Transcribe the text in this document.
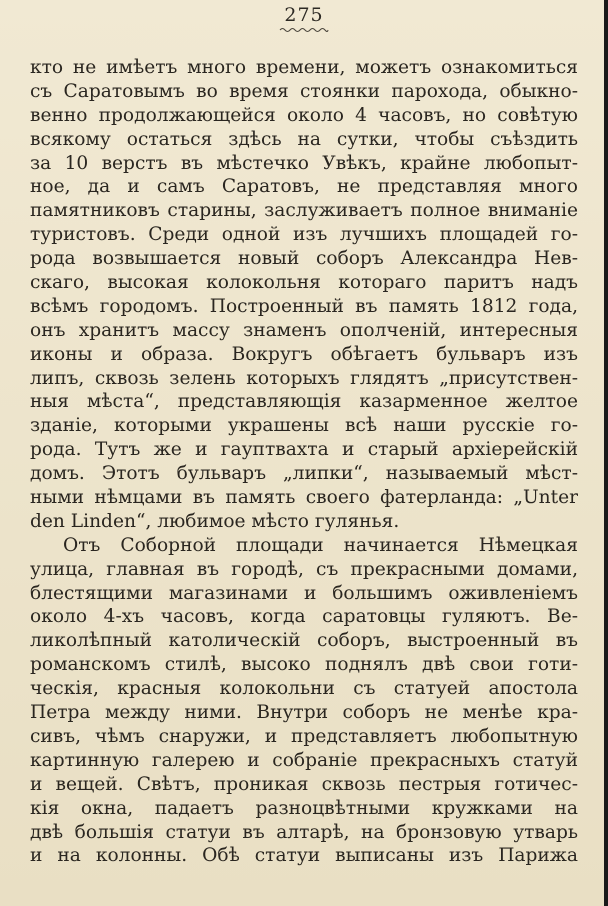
275
кто не имѣетъ много времени, можетъ ознакомиться
съ Саратовымъ во время стоянки парохода, обыкно-
венно продолжающейся около 4 часовъ, но совѣтую
всякому остаться здѣсь на сутки, чтобы съѣздить
за 10 верстъ въ мѣстечко Увѣкъ, крайне любопыт-
ное, да и самъ Саратовъ, не представляя много
памятниковъ старины, заслуживаетъ полное вниманіе
туристовъ. Среди одной изъ лучшихъ площадей го-
рода возвышается новый соборъ Александра Нев-
скаго, высокая колокольня котораго паритъ надъ
всѣмъ городомъ. Построенный въ память 1812 года,
онъ хранитъ массу знаменъ ополченій, интересныя
иконы и образа. Вокругъ обѣгаетъ бульваръ изъ
липъ, сквозь зелень которыхъ глядятъ „присутствен-
ныя мѣста“, представляющія казарменное желтое
зданіе, которыми украшены всѣ наши русскіе го-
рода. Тутъ же и гауптвахта и старый архіерейскій
домъ. Этотъ бульваръ „липки“, называемый мѣст-
ными нѣмцами въ память своего фатерланда: „Unter
den Linden“, любимое мѣсто гулянья.
Отъ Соборной площади начинается Нѣмецкая
улица, главная въ городѣ, съ прекрасными домами,
блестящими магазинами и большимъ оживленіемъ
около 4-хъ часовъ, когда саратовцы гуляютъ. Ве-
ликолѣпный католическій соборъ, выстроенный въ
романскомъ стилѣ, высоко поднялъ двѣ свои готи-
ческія, красныя колокольни съ статуей апостола
Петра между ними. Внутри соборъ не менѣе кра-
сивъ, чѣмъ снаружи, и представляетъ любопытную
картинную галерею и собраніе прекрасныхъ статуй
и вещей. Свѣтъ, проникая сквозь пестрыя готичес-
кія окна, падаетъ разноцвѣтными кружками на
двѣ большія статуи въ алтарѣ, на бронзовую утварь
и на колонны. Обѣ статуи выписаны изъ Парижа
